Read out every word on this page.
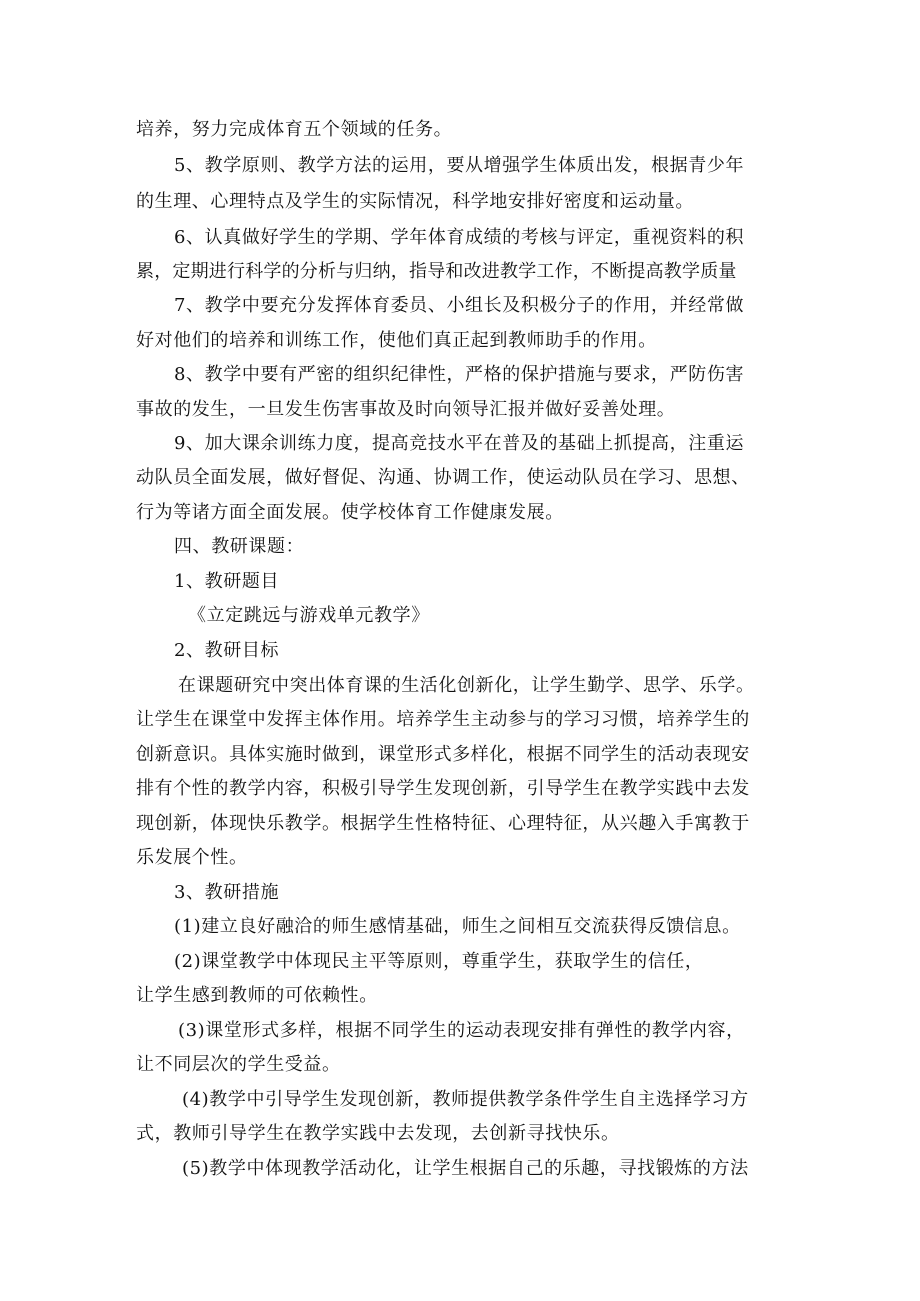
培养，努力完成体育五个领域的任务。
5、教学原则、教学方法的运用，要从增强学生体质出发，根据青少年
的生理、心理特点及学生的实际情况，科学地安排好密度和运动量。
6、认真做好学生的学期、学年体育成绩的考核与评定，重视资料的积
累，定期进行科学的分析与归纳，指导和改进教学工作，不断提高教学质量
7、教学中要充分发挥体育委员、小组长及积极分子的作用，并经常做
好对他们的培养和训练工作，使他们真正起到教师助手的作用。
8、教学中要有严密的组织纪律性，严格的保护措施与要求，严防伤害
事故的发生，一旦发生伤害事故及时向领导汇报并做好妥善处理。
9、加大课余训练力度，提高竞技水平在普及的基础上抓提高，注重运
动队员全面发展，做好督促、沟通、协调工作，使运动队员在学习、思想、
行为等诸方面全面发展。使学校体育工作健康发展。
四、教研课题：
1、教研题目
《立定跳远与游戏单元教学》
2、教研目标
在课题研究中突出体育课的生活化创新化，让学生勤学、思学、乐学。
让学生在课堂中发挥主体作用。培养学生主动参与的学习习惯，培养学生的
创新意识。具体实施时做到，课堂形式多样化，根据不同学生的活动表现安
排有个性的教学内容，积极引导学生发现创新，引导学生在教学实践中去发
现创新，体现快乐教学。根据学生性格特征、心理特征，从兴趣入手寓教于
乐发展个性。
3、教研措施
(1)建立良好融洽的师生感情基础，师生之间相互交流获得反馈信息。
(2)课堂教学中体现民主平等原则，尊重学生，获取学生的信任，
让学生感到教师的可依赖性。
(3)课堂形式多样，根据不同学生的运动表现安排有弹性的教学内容，
让不同层次的学生受益。
(4)教学中引导学生发现创新，教师提供教学条件学生自主选择学习方
式，教师引导学生在教学实践中去发现，去创新寻找快乐。
(5)教学中体现教学活动化，让学生根据自己的乐趣，寻找锻炼的方法
